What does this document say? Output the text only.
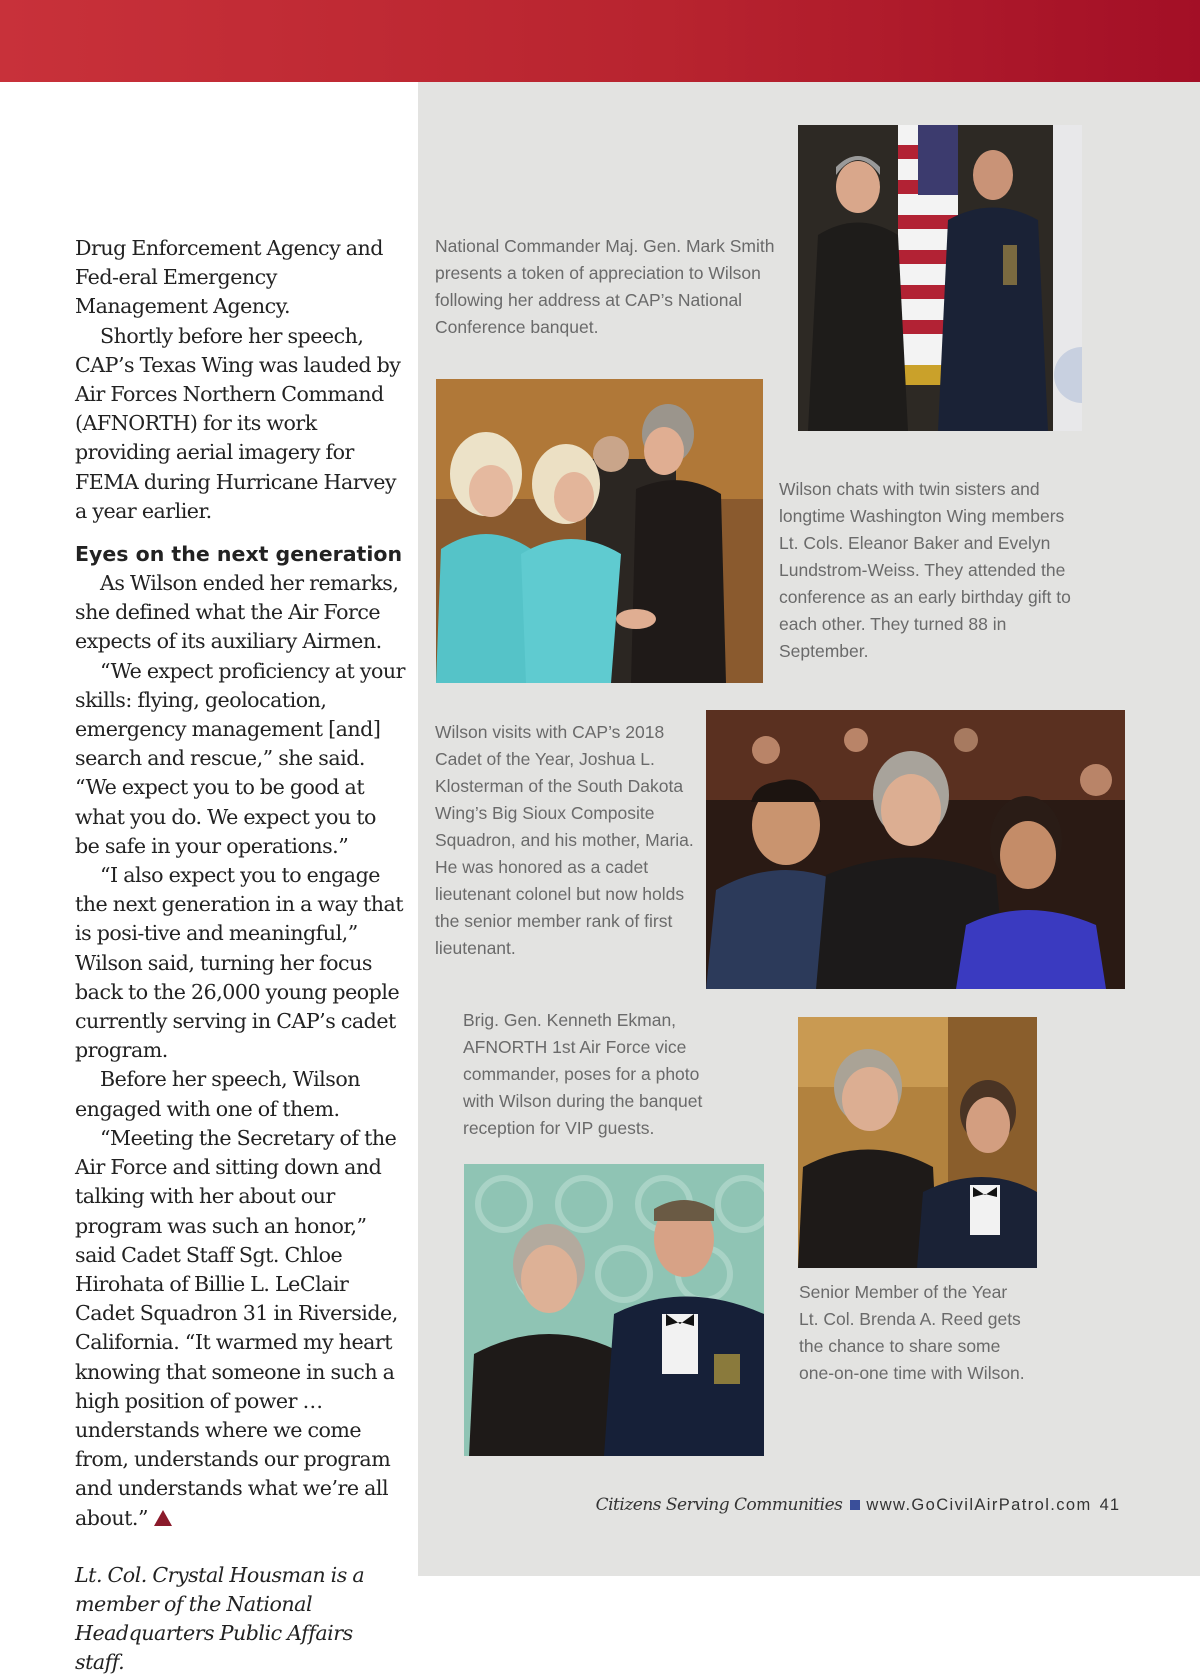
Drug Enforcement Agency and Fed-eral Emergency Management Agency.

Shortly before her speech, CAP’s Texas Wing was lauded by Air Forces Northern Command (AFNORTH) for its work providing aerial imagery for FEMA during Hurricane Harvey a year earlier.

Eyes on the next generation

As Wilson ended her remarks, she defined what the Air Force expects of its auxiliary Airmen.

“We expect proficiency at your skills: flying, geolocation, emergency management [and] search and rescue,” she said. “We expect you to be good at what you do. We expect you to be safe in your operations.”

“I also expect you to engage the next generation in a way that is posi-tive and meaningful,” Wilson said, turning her focus back to the 26,000 young people currently serving in CAP’s cadet program.

Before her speech, Wilson engaged with one of them.

“Meeting the Secretary of the Air Force and sitting down and talking with her about our program was such an honor,” said Cadet Staff Sgt. Chloe Hirohata of Billie L. LeClair Cadet Squadron 31 in Riverside, California. “It warmed my heart knowing that someone in such a high position of power … understands where we come from, understands our program and understands what we’re all about.”

Lt. Col. Crystal Housman is a member of the National Headquarters Public Affairs staff.

National Commander Maj. Gen. Mark Smith presents a token of appreciation to Wilson following her address at CAP’s National Conference banquet.

Wilson chats with twin sisters and longtime Washington Wing members Lt. Cols. Eleanor Baker and Evelyn Lundstrom-Weiss. They attended the conference as an early birthday gift to each other. They turned 88 in September.

Wilson visits with CAP’s 2018 Cadet of the Year, Joshua L. Klosterman of the South Dakota Wing’s Big Sioux Composite Squadron, and his mother, Maria. He was honored as a cadet lieutenant colonel but now holds the senior member rank of first lieutenant.

Brig. Gen. Kenneth Ekman, AFNORTH 1st Air Force vice commander, poses for a photo with Wilson during the banquet reception for VIP guests.

Senior Member of the Year Lt. Col. Brenda A. Reed gets the chance to share some one-on-one time with Wilson.

Citizens Serving Communities www.GoCivilAirPatrol.com 41
